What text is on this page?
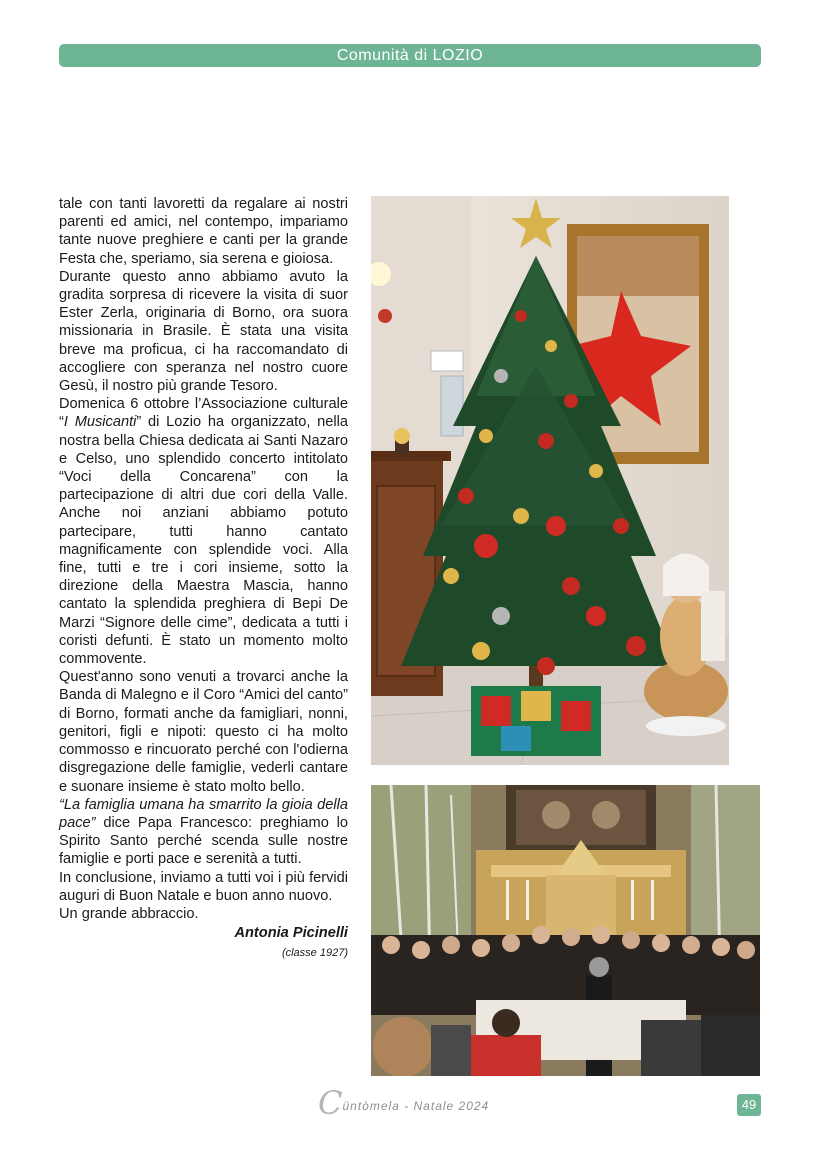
Comunità di LOZIO

tale con tanti lavoretti da regalare ai nostri parenti ed amici, nel contempo, impariamo tante nuove preghiere e canti per la grande Festa che, speriamo, sia serena e gioiosa.

Durante questo anno abbiamo avuto la gradita sorpresa di ricevere la visita di suor Ester Zerla, originaria di Borno, ora suora missionaria in Brasile. È stata una visita breve ma proficua, ci ha raccomandato di accogliere con speranza nel nostro cuore Gesù, il nostro più grande Tesoro.

Domenica 6 ottobre l’Associazione culturale “I Musicanti” di Lozio ha organizzato, nella nostra bella Chiesa dedicata ai Santi Nazaro e Celso, uno splendido concerto intitolato “Voci della Concarena” con la partecipazione di altri due cori della Valle. Anche noi anziani abbiamo potuto partecipare, tutti hanno cantato magnificamente con splendide voci. Alla fine, tutti e tre i cori insieme, sotto la direzione della Maestra Mascia, hanno cantato la splendida preghiera di Bepi De Marzi “Signore delle cime”, dedicata a tutti i coristi defunti. È stato un momento molto commovente.

Quest'anno sono venuti a trovarci anche la Banda di Malegno e il Coro “Amici del canto” di Borno, formati anche da famigliari, nonni, genitori, figli e nipoti: questo ci ha molto commosso e rincuorato perché con l'odierna disgregazione delle famiglie, vederli cantare e suonare insieme è stato molto bello.

“La famiglia umana ha smarrito la gioia della pace” dice Papa Francesco: preghiamo lo Spirito Santo perché scenda sulle nostre famiglie e porti pace e serenità a tutti.

In conclusione, inviamo a tutti voi i più fervidi auguri di Buon Natale e buon anno nuovo.

Un grande abbraccio.

Antonia Picinelli
(classe 1927)
$C^{üntòmela - Natale 2024}$	49
